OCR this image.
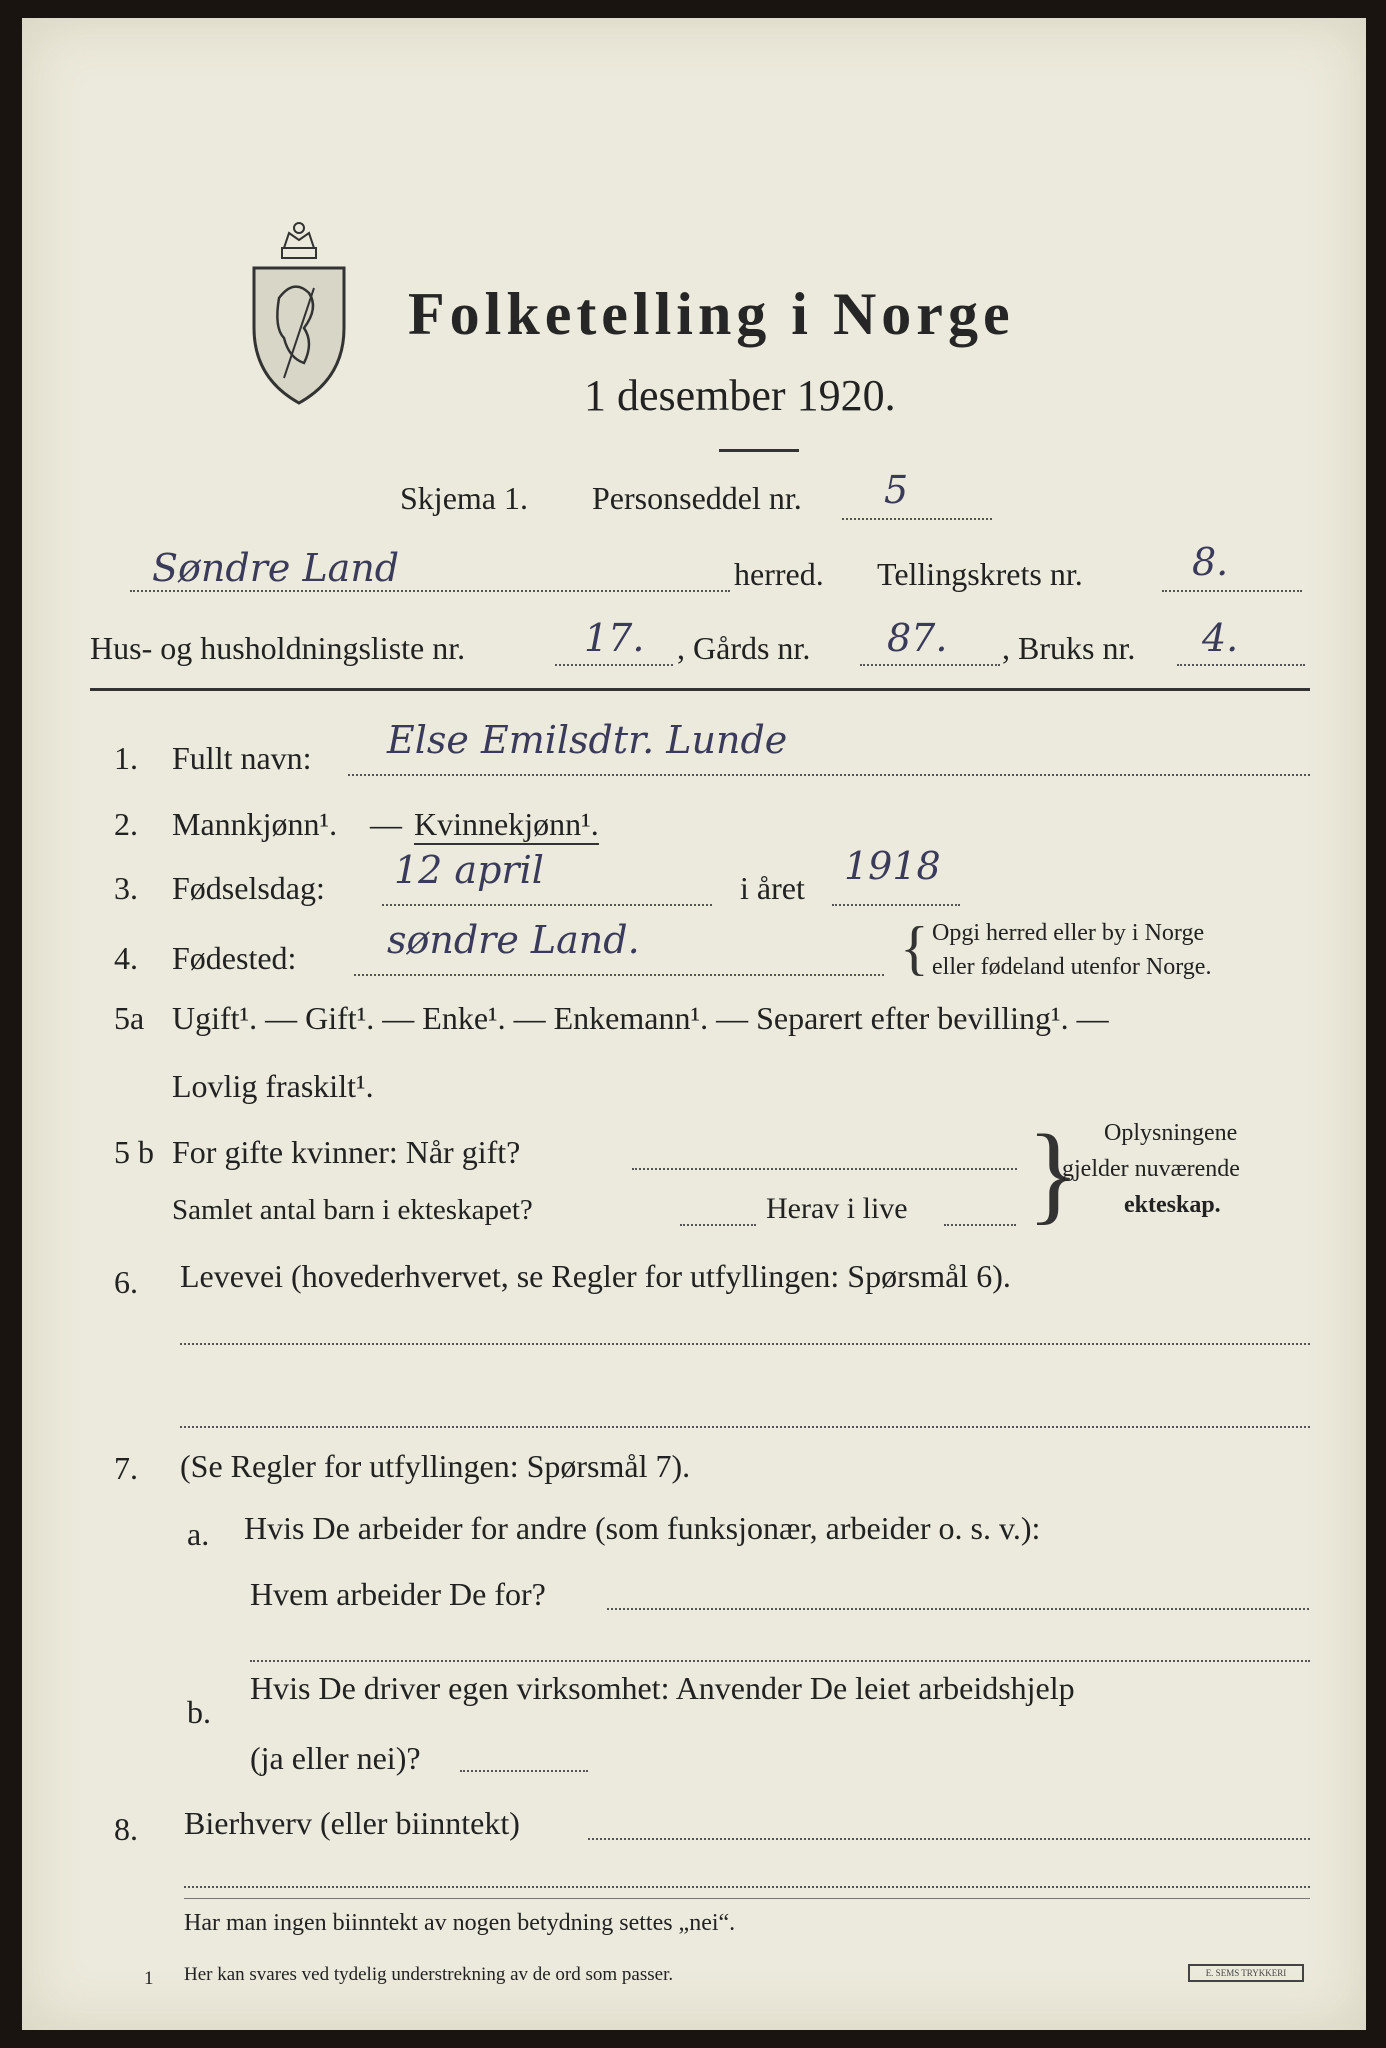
Folketelling i Norge
1 desember 1920.
Skjema 1. Personseddel nr. 5
Søndre Land	herred. Tellingskrets nr.	8.
Hus- og husholdningsliste nr.	17. , Gårds nr. 87. , Bruks nr. 4.
1. Fullt navn: Else Emilsdtr. Lunde
2. Mannkjønn¹. — Kvinnekjønn¹.
3. Fødselsdag: 12 april	i året 1918
4. Fødested: søndre Land.	{ Opgi herred eller by i Norge
eller fødeland utenfor Norge.
5a Ugift¹. — Gift¹. — Enke¹. — Enkemann¹. — Separert efter bevilling¹. —
Lovlig fraskilt¹.
5 b For gifte kvinner: Når gift?
Samlet antal barn i ekteskapet?	Herav i live } Oplysningene
gjelder nuværende
ekteskap.
6. Levevei (hovederhvervet, se Regler for utfyllingen: Spørsmål 6).
7. (Se Regler for utfyllingen: Spørsmål 7).
a. Hvis De arbeider for andre (som funksjonær, arbeider o. s. v.):
Hvem arbeider De for?
b.
Hvis De driver egen virksomhet: Anvender De leiet arbeidshjelp
(ja eller nei)?
8. Bierhverv (eller biinntekt)
Har man ingen biinntekt av nogen betydning settes „nei“.
1 Her kan svares ved tydelig understrekning av de ord som passer.	E. SEMS TRYKKERI
